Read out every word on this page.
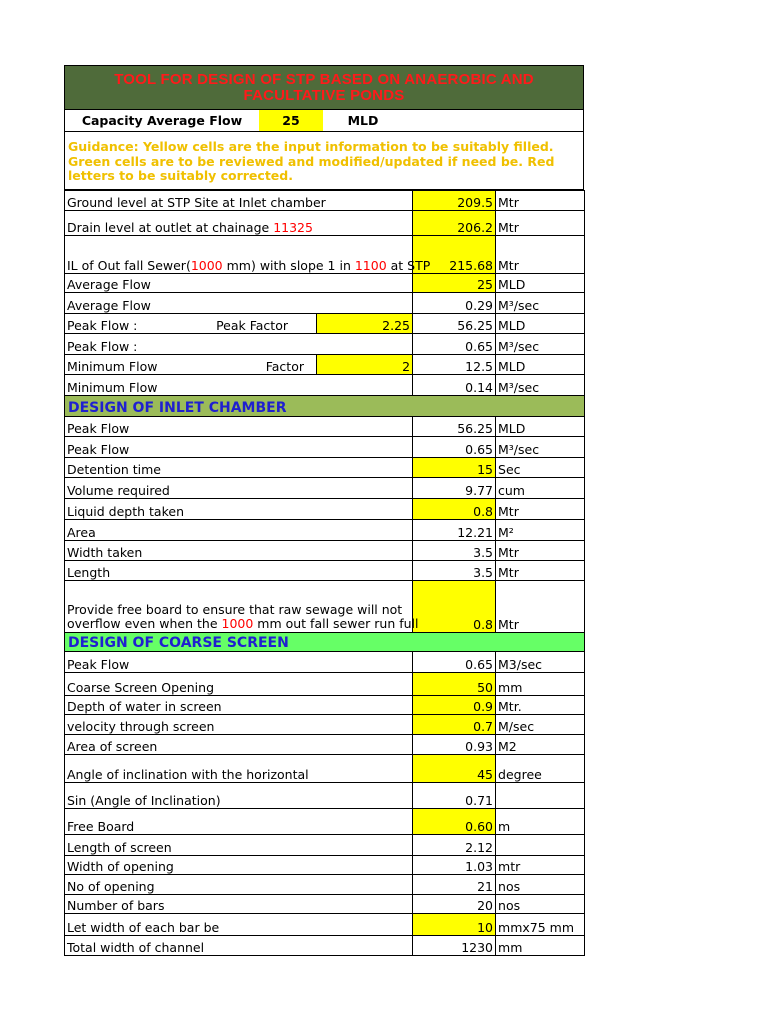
TOOL FOR DESIGN OF STP BASED ON ANAEROBIC AND FACULTATIVE PONDS
Capacity Average Flow	25	MLD
Guidance: Yellow cells are the input information to be suitably filled. Green cells are to be reviewed and modified/updated if need be. Red letters to be suitably corrected.
Ground level at STP Site at Inlet chamber		209.5	Mtr
Drain level at outlet at chainage 11325		206.2	Mtr
IL of Out fall Sewer(1000 mm) with slope 1 in 1100 at STP		215.68	Mtr
Average Flow		25	MLD
Average Flow		0.29	M³/sec

Peak Flow : Peak Factor	2.25	56.25	MLD
Peak Flow :		0.65	M³/sec

Minimum Flow Factor	2	12.5	MLD
Minimum Flow		0.14	M³/sec
DESIGN OF INLET CHAMBER			
Peak Flow		56.25	MLD
Peak Flow		0.65	M³/sec
Detention time		15	Sec
Volume required		9.77	cum
Liquid depth taken		0.8	Mtr
Area		12.21	M²
Width taken		3.5	Mtr
Length		3.5	Mtr

Provide free board to ensure that raw sewage will not
overflow even when the 1000 mm out fall sewer run full		0.8	Mtr
DESIGN OF COARSE SCREEN			
Peak Flow		0.65	M3/sec
Coarse Screen Opening		50	mm
Depth of water in screen		0.9	Mtr.
velocity through screen		0.7	M/sec
Area of screen		0.93	M2
Angle of inclination with the horizontal		45	degree
Sin (Angle of Inclination)		0.71	
Free Board		0.60	m
Length of screen		2.12	
Width of opening		1.03	mtr
No of opening		21	nos
Number of bars		20	nos
Let width of each bar be		10	mmx75 mm
Total width of channel		1230	mm
